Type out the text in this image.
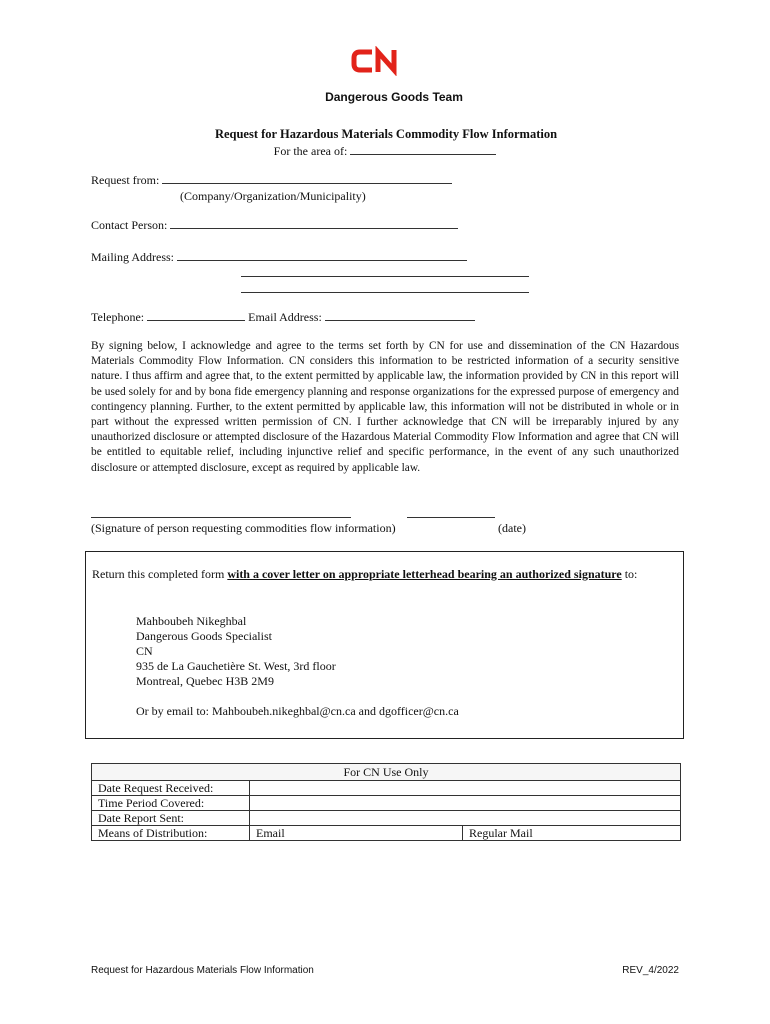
Dangerous Goods Team
Request for Hazardous Materials Commodity Flow Information
For the area of:
Request from:
(Company/Organization/Municipality)
Contact Person:
Mailing Address:
Telephone:	Email Address:
By signing below, I acknowledge and agree to the terms set forth by CN for use and dissemination of the CN Hazardous Materials Commodity Flow Information. CN considers this information to be restricted information of a security sensitive nature. I thus affirm and agree that, to the extent permitted by applicable law, the information provided by CN in this report will be used solely for and by bona fide emergency planning and response organizations for the expressed purpose of emergency and contingency planning. Further, to the extent permitted by applicable law, this information will not be distributed in whole or in part without the expressed written permission of CN. I further acknowledge that CN will be irreparably injured by any unauthorized disclosure or attempted disclosure of the Hazardous Material Commodity Flow Information and agree that CN will be entitled to equitable relief, including injunctive relief and specific performance, in the event of any such unauthorized disclosure or attempted disclosure, except as required by applicable law.
(Signature of person requesting commodities flow information)	(date)
Return this completed form with a cover letter on appropriate letterhead bearing an authorized signature to:
Mahboubeh Nikeghbal
Dangerous Goods Specialist
CN
935 de La Gauchetière St. West, 3rd floor
Montreal, Quebec H3B 2M9
Or by email to: Mahboubeh.nikeghbal@cn.ca and dgofficer@cn.ca
For CN Use Only		
Date Request Received:		
Time Period Covered:		
Date Report Sent:		
Means of Distribution:	Email	Regular Mail
Request for Hazardous Materials Flow Information	REV_4/2022
